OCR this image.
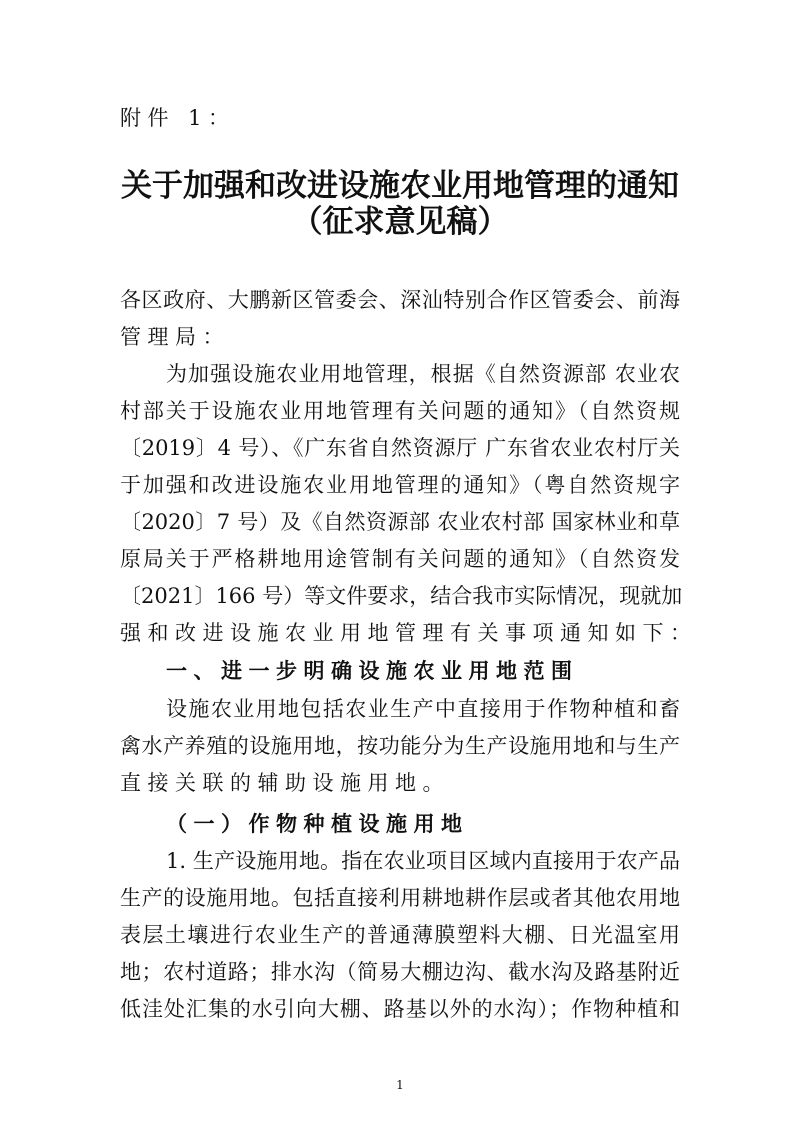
附件 1：
关于加强和改进设施农业用地管理的通知
（征求意见稿）
各区政府、大鹏新区管委会、深汕特别合作区管委会、前海
管理局：
为加强设施农业用地管理，根据《自然资源部 农业农
村部关于设施农业用地管理有关问题的通知》（自然资规
〔2019〕4 号）、《广东省自然资源厅 广东省农业农村厅关
于加强和改进设施农业用地管理的通知》（粤自然资规字
〔2020〕7 号）及《自然资源部 农业农村部 国家林业和草
原局关于严格耕地用途管制有关问题的通知》（自然资发
〔2021〕166 号）等文件要求，结合我市实际情况，现就加
强和改进设施农业用地管理有关事项通知如下：
一、进一步明确设施农业用地范围
设施农业用地包括农业生产中直接用于作物种植和畜
禽水产养殖的设施用地，按功能分为生产设施用地和与生产
直接关联的辅助设施用地。
（一）作物种植设施用地
1. 生产设施用地。指在农业项目区域内直接用于农产品
生产的设施用地。包括直接利用耕地耕作层或者其他农用地
表层土壤进行农业生产的普通薄膜塑料大棚、日光温室用
地；农村道路；排水沟（简易大棚边沟、截水沟及路基附近
低洼处汇集的水引向大棚、路基以外的水沟）；作物种植和
1
